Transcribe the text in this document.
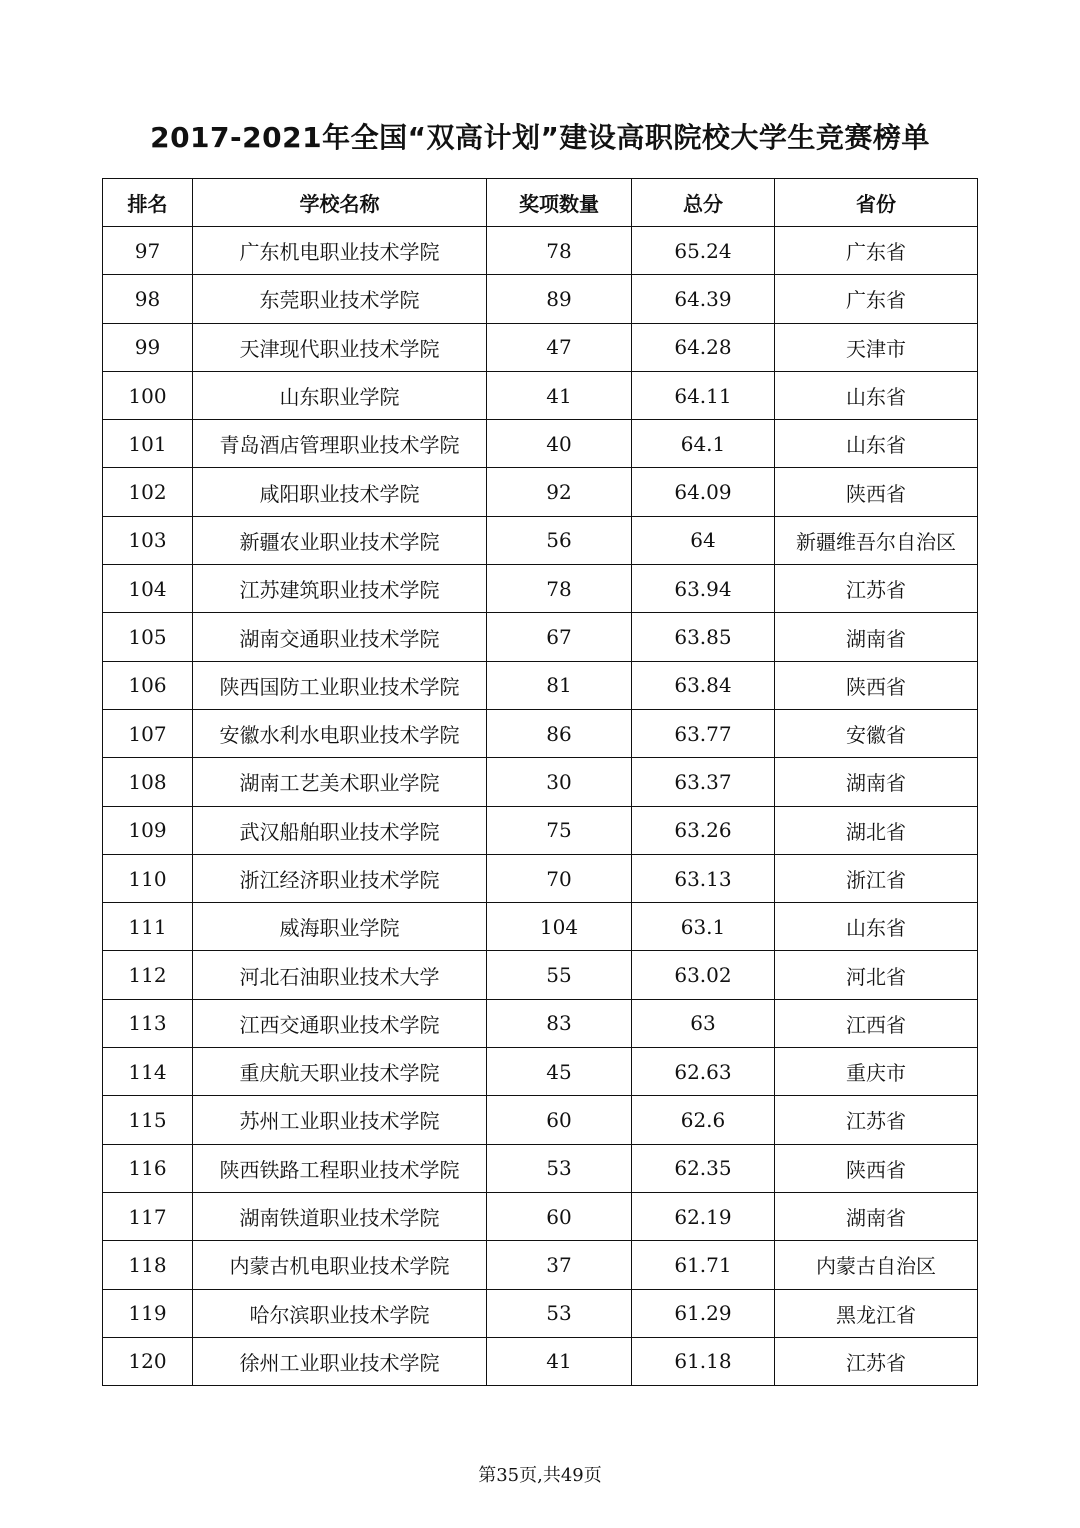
2017-2021年全国“双高计划”建设高职院校大学生竞赛榜单
排名	学校名称	奖项数量	总分	省份
97	广东机电职业技术学院	78	65.24	广东省
98	东莞职业技术学院	89	64.39	广东省
99	天津现代职业技术学院	47	64.28	天津市
100	山东职业学院	41	64.11	山东省
101	青岛酒店管理职业技术学院	40	64.1	山东省
102	咸阳职业技术学院	92	64.09	陕西省
103	新疆农业职业技术学院	56	64	新疆维吾尔自治区
104	江苏建筑职业技术学院	78	63.94	江苏省
105	湖南交通职业技术学院	67	63.85	湖南省
106	陕西国防工业职业技术学院	81	63.84	陕西省
107	安徽水利水电职业技术学院	86	63.77	安徽省
108	湖南工艺美术职业学院	30	63.37	湖南省
109	武汉船舶职业技术学院	75	63.26	湖北省
110	浙江经济职业技术学院	70	63.13	浙江省
111	威海职业学院	104	63.1	山东省
112	河北石油职业技术大学	55	63.02	河北省
113	江西交通职业技术学院	83	63	江西省
114	重庆航天职业技术学院	45	62.63	重庆市
115	苏州工业职业技术学院	60	62.6	江苏省
116	陕西铁路工程职业技术学院	53	62.35	陕西省
117	湖南铁道职业技术学院	60	62.19	湖南省
118	内蒙古机电职业技术学院	37	61.71	内蒙古自治区
119	哈尔滨职业技术学院	53	61.29	黑龙江省
120	徐州工业职业技术学院	41	61.18	江苏省
第35页,共49页
